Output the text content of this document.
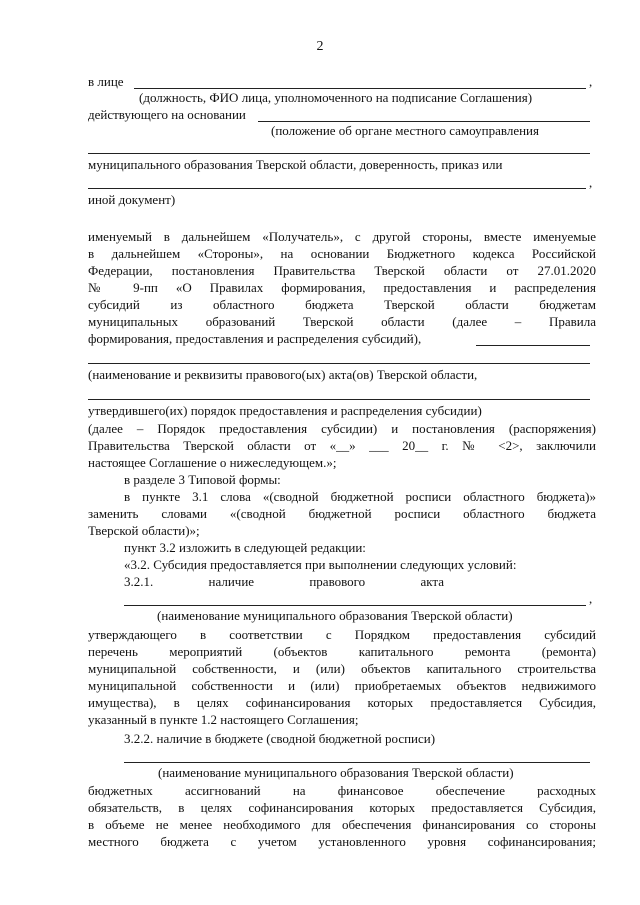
2
в лице	,
(должность, ФИО лица, уполномоченного на подписание Соглашения)
действующего на основании
(положение об органе местного самоуправления
муниципального образования Тверской области, доверенность, приказ или
,
иной документ)
именуемый в дальнейшем «Получатель», с другой стороны, вместе именуемые
в дальнейшем «Стороны», на основании Бюджетного кодекса Российской
Федерации, постановления Правительства Тверской области от 27.01.2020
№ 9-пп «О Правилах формирования, предоставления и распределения
субсидий из областного бюджета Тверской области бюджетам
муниципальных образований Тверской области (далее – Правила
формирования, предоставления и распределения субсидий),
(наименование и реквизиты правового(ых) акта(ов) Тверской области,
утвердившего(их) порядок предоставления и распределения субсидии)
(далее – Порядок предоставления субсидии) и постановления (распоряжения)
Правительства Тверской области от «__» ___ 20__ г. № <2>, заключили
настоящее Соглашение о нижеследующем.»;
в разделе 3 Типовой формы:
в пункте 3.1 слова «(сводной бюджетной росписи областного бюджета)»
заменить словами «(сводной бюджетной росписи областного бюджета
Тверской области)»;
пункт 3.2 изложить в следующей редакции:
«3.2. Субсидия предоставляется при выполнении следующих условий:
3.2.1. наличие правового акта
,
(наименование муниципального образования Тверской области)
утверждающего в соответствии с Порядком предоставления субсидий
перечень мероприятий (объектов капитального ремонта (ремонта)
муниципальной собственности, и (или) объектов капитального строительства
муниципальной собственности и (или) приобретаемых объектов недвижимого
имущества), в целях софинансирования которых предоставляется Субсидия,
указанный в пункте 1.2 настоящего Соглашения;
3.2.2. наличие в бюджете (сводной бюджетной росписи)
(наименование муниципального образования Тверской области)
бюджетных ассигнований на финансовое обеспечение расходных
обязательств, в целях софинансирования которых предоставляется Субсидия,
в объеме не менее необходимого для обеспечения финансирования со стороны
местного бюджета с учетом установленного уровня софинансирования;
